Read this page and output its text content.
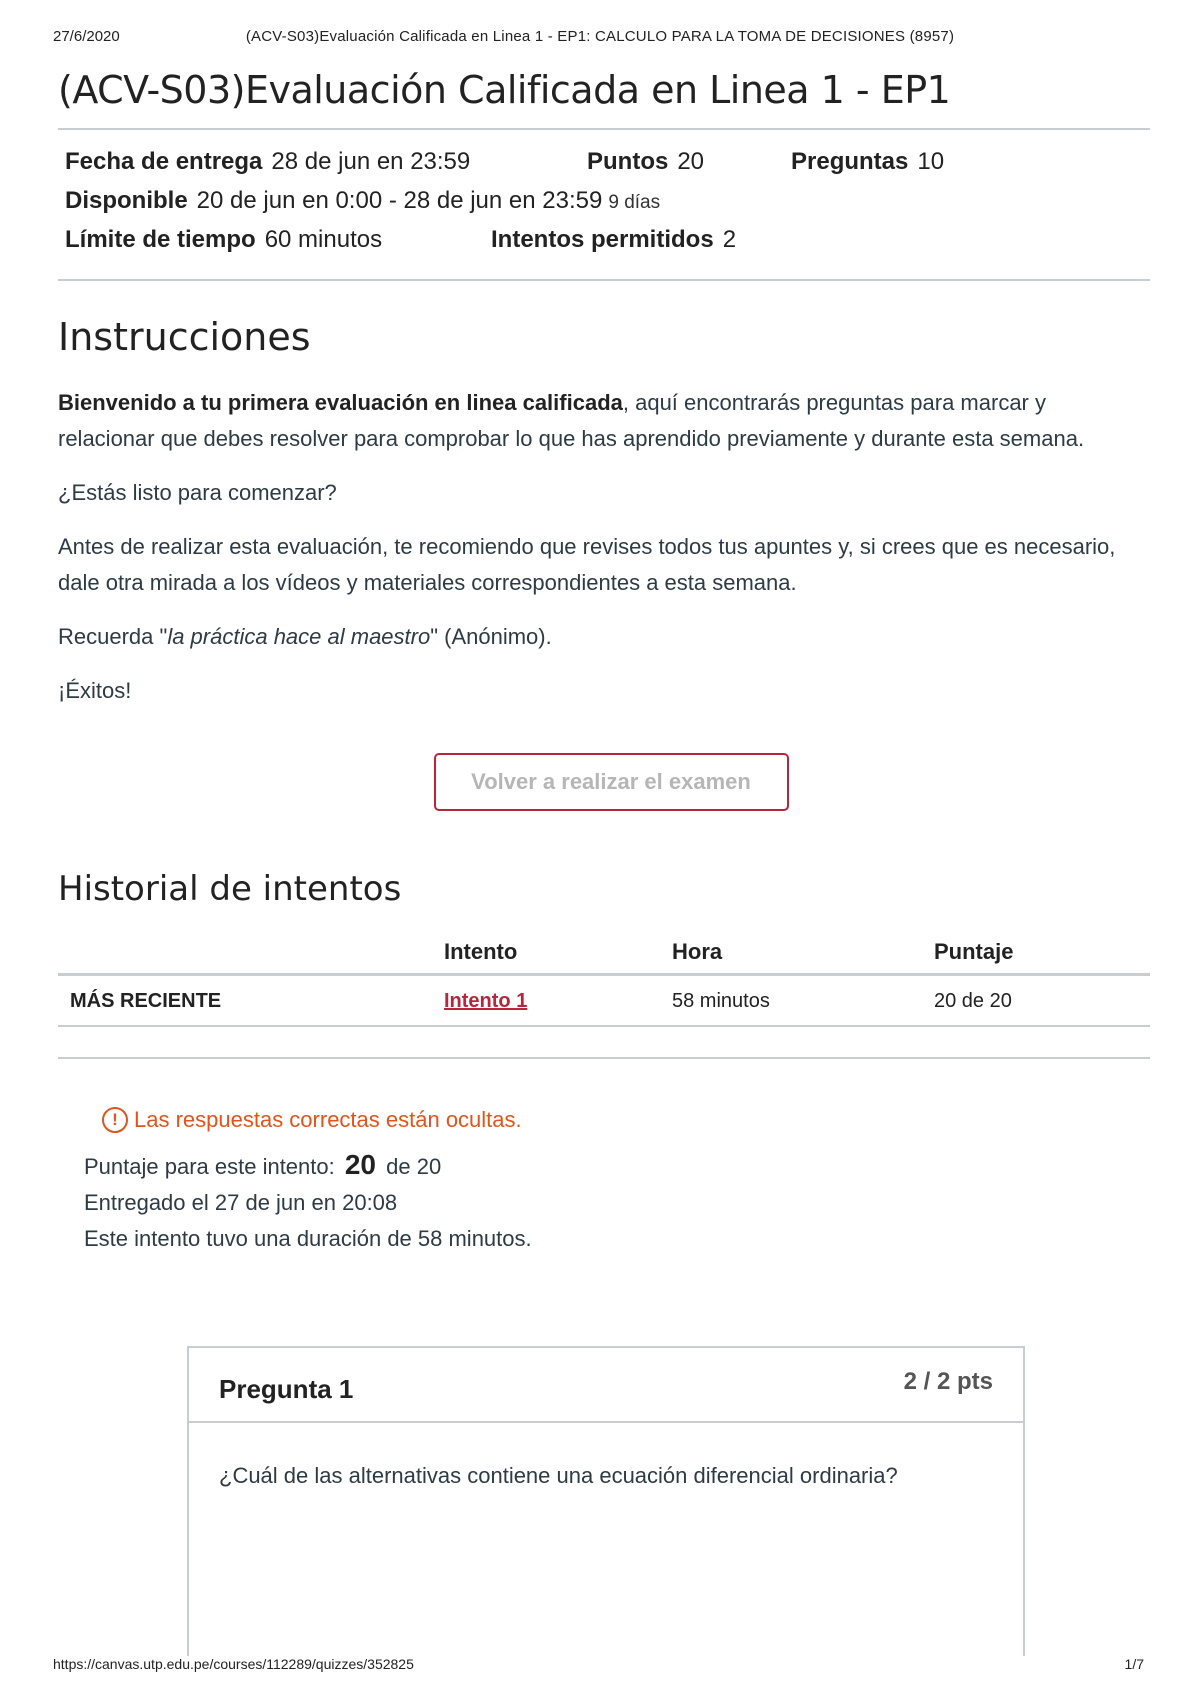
27/6/2020	(ACV-S03)Evaluación Calificada en Linea 1 - EP1: CALCULO PARA LA TOMA DE DECISIONES (8957)
(ACV-S03)Evaluación Calificada en Linea 1 - EP1
Fecha de entrega 28 de jun en 23:59	Puntos 20	Preguntas 10
Disponible 20 de jun en 0:00 - 28 de jun en 23:59 9 días
Límite de tiempo 60 minutos	Intentos permitidos 2
Instrucciones

Bienvenido a tu primera evaluación en linea calificada, aquí encontrarás preguntas para marcar y relacionar que debes resolver para comprobar lo que has aprendido previamente y durante esta semana.

¿Estás listo para comenzar?

Antes de realizar esta evaluación, te recomiendo que revises todos tus apuntes y, si crees que es necesario, dale otra mirada a los vídeos y materiales correspondientes a esta semana.

Recuerda "la práctica hace al maestro" (Anónimo).

¡Éxitos!

Volver a realizar el examen
Historial de intentos
	Intento	Hora	Puntaje
MÁS RECIENTE	Intento 1	58 minutos	20 de 20
! Las respuestas correctas están ocultas.
Puntaje para este intento: 20 de 20
Entregado el 27 de jun en 20:08
Este intento tuvo una duración de 58 minutos.
Pregunta 1	2 / 2 pts
¿Cuál de las alternativas contiene una ecuación diferencial ordinaria?
https://canvas.utp.edu.pe/courses/112289/quizzes/352825	1/7
